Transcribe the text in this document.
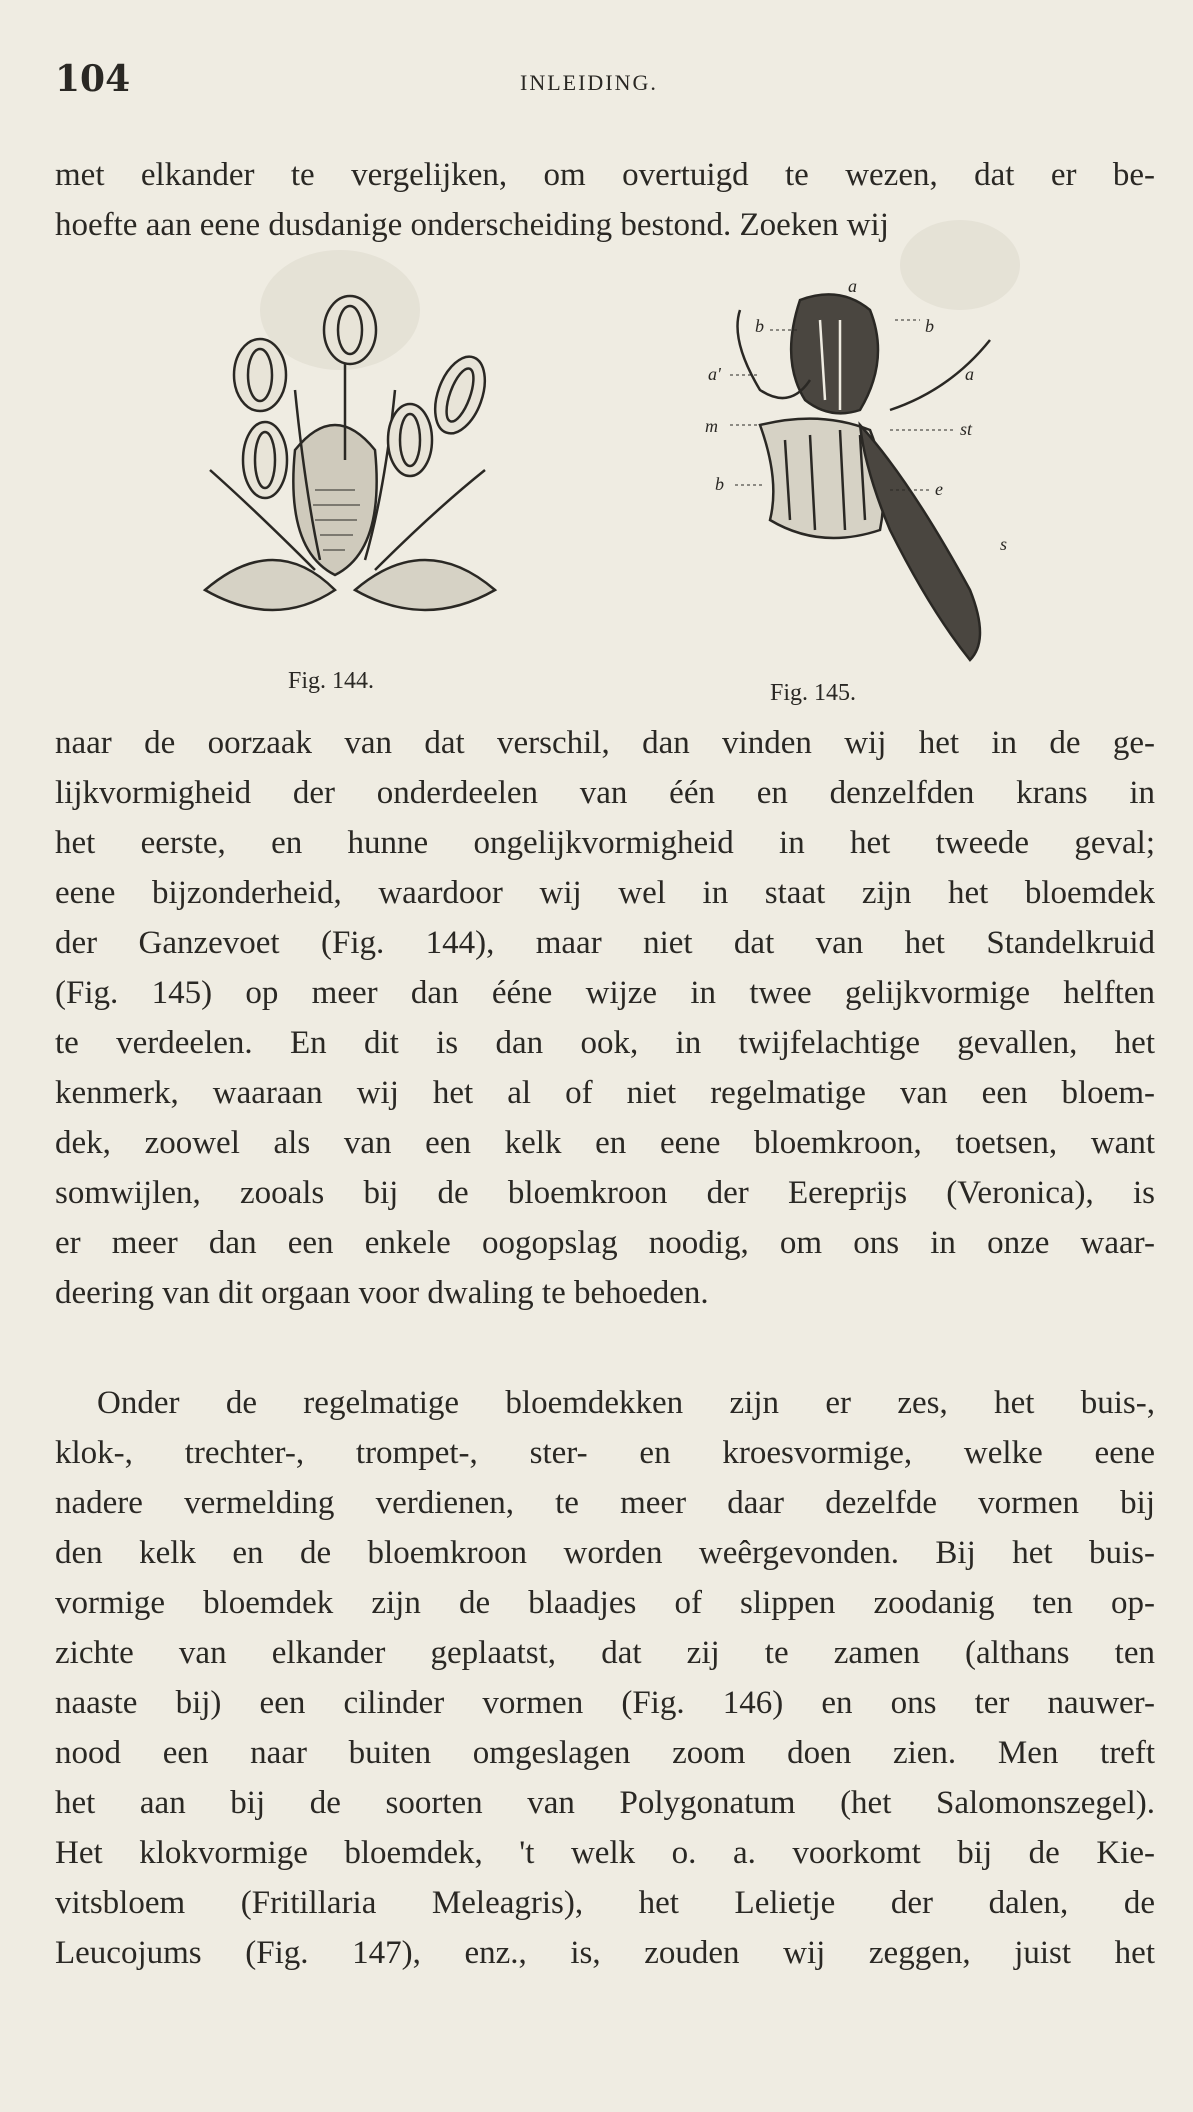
104	INLEIDING.
met elkander te vergelijken, om overtuigd te wezen, dat er be-
hoefte aan eene dusdanige onderscheiding bestond. Zoeken wij
Fig. 144.
a
b	b
a'	a
m	st
b	e
s
Fig. 145.
naar de oorzaak van dat verschil, dan vinden wij het in de ge-
lijkvormigheid der onderdeelen van één en denzelfden krans in
het eerste, en hunne ongelijkvormigheid in het tweede geval;
eene bijzonderheid, waardoor wij wel in staat zijn het bloemdek
der Ganzevoet (Fig. 144), maar niet dat van het Standelkruid
(Fig. 145) op meer dan ééne wijze in twee gelijkvormige helften
te verdeelen. En dit is dan ook, in twijfelachtige gevallen, het
kenmerk, waaraan wij het al of niet regelmatige van een bloem-
dek, zoowel als van een kelk en eene bloemkroon, toetsen, want
somwijlen, zooals bij de bloemkroon der Eereprijs (Veronica), is
er meer dan een enkele oogopslag noodig, om ons in onze waar-
deering van dit orgaan voor dwaling te behoeden.
Onder de regelmatige bloemdekken zijn er zes, het buis-,
klok-, trechter-, trompet-, ster- en kroesvormige, welke eene
nadere vermelding verdienen, te meer daar dezelfde vormen bij
den kelk en de bloemkroon worden weêrgevonden. Bij het buis-
vormige bloemdek zijn de blaadjes of slippen zoodanig ten op-
zichte van elkander geplaatst, dat zij te zamen (althans ten
naaste bij) een cilinder vormen (Fig. 146) en ons ter nauwer-
nood een naar buiten omgeslagen zoom doen zien. Men treft
het aan bij de soorten van Polygonatum (het Salomonszegel).
Het klokvormige bloemdek, 't welk o. a. voorkomt bij de Kie-
vitsbloem (Fritillaria Meleagris), het Lelietje der dalen, de
Leucojums (Fig. 147), enz., is, zouden wij zeggen, juist het
